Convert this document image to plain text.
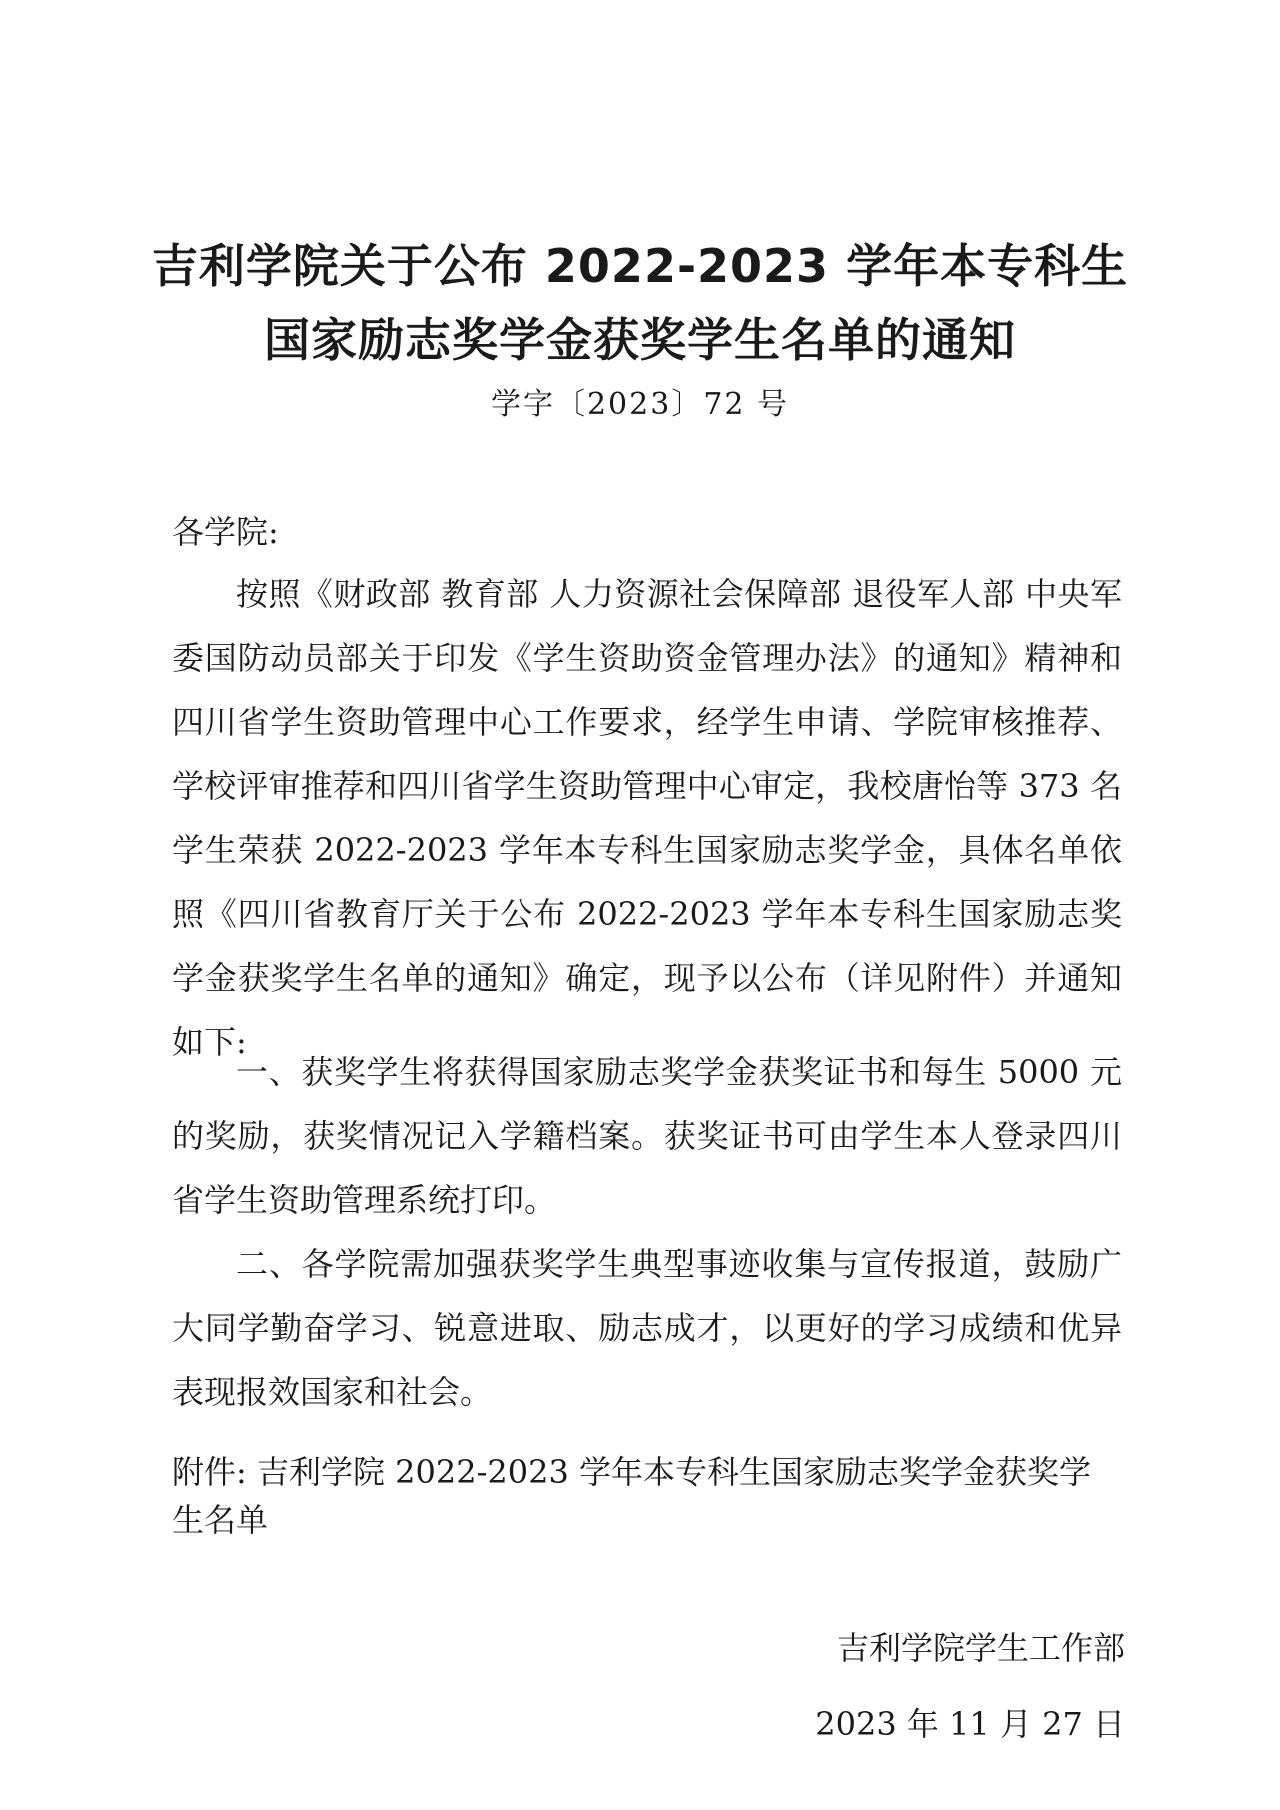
吉利学院关于公布 2022-2023 学年本专科生
国家励志奖学金获奖学生名单的通知
学字〔2023〕72 号
各学院:

按照《财政部 教育部 人力资源社会保障部 退役军人部 中央军委国防动员部关于印发《学生资助资金管理办法》的通知》精神和四川省学生资助管理中心工作要求，经学生申请、学院审核推荐、学校评审推荐和四川省学生资助管理中心审定，我校唐怡等 373 名学生荣获 2022-2023 学年本专科生国家励志奖学金，具体名单依照《四川省教育厅关于公布 2022-2023 学年本专科生国家励志奖学金获奖学生名单的通知》确定，现予以公布（详见附件）并通知如下:

一、获奖学生将获得国家励志奖学金获奖证书和每生 5000 元的奖励，获奖情况记入学籍档案。获奖证书可由学生本人登录四川省学生资助管理系统打印。

二、各学院需加强获奖学生典型事迹收集与宣传报道，鼓励广大同学勤奋学习、锐意进取、励志成才，以更好的学习成绩和优异表现报效国家和社会。

附件: 吉利学院 2022-2023 学年本专科生国家励志奖学金获奖学生名单

吉利学院学生工作部
2023 年 11 月 27 日
